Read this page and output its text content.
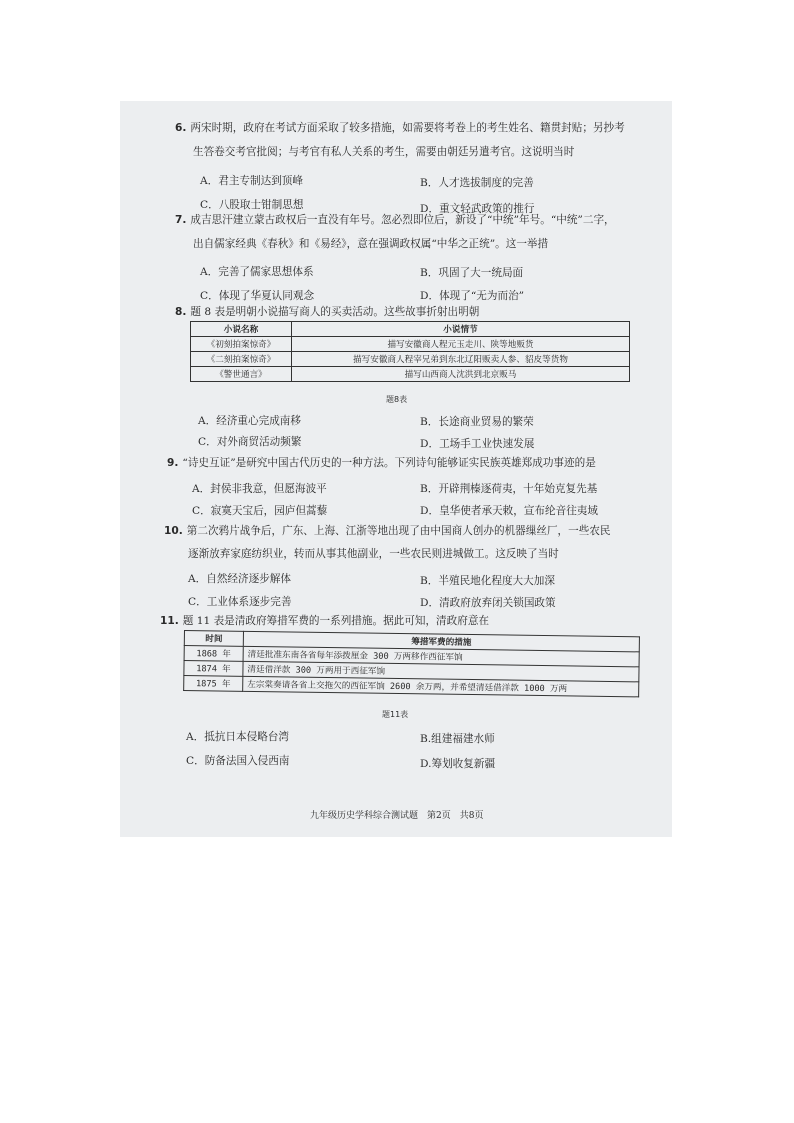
6. 两宋时期，政府在考试方面采取了较多措施，如需要将考卷上的考生姓名、籍贯封贴；另抄考
生答卷交考官批阅；与考官有私人关系的考生，需要由朝廷另遣考官。这说明当时
A．君主专制达到顶峰	B．人才选拔制度的完善
C．八股取士钳制思想	D．重文轻武政策的推行
7. 成吉思汗建立蒙古政权后一直没有年号。忽必烈即位后，新设了“中统”年号。“中统”二字，
出自儒家经典《春秋》和《易经》，意在强调政权属“中华之正统”。这一举措
A．完善了儒家思想体系	B．巩固了大一统局面
C．体现了华夏认同观念	D．体现了“无为而治”
8. 题 8 表是明朝小说描写商人的买卖活动。这些故事折射出明朝
小说名称	小说情节
《初刻拍案惊奇》	描写安徽商人程元玉走川、陕等地贩货
《二刻拍案惊奇》	描写安徽商人程宰兄弟到东北辽阳贩卖人参、貂皮等货物
《警世通言》	描写山西商人沈洪到北京贩马
题8表
A．经济重心完成南移	B．长途商业贸易的繁荣
C．对外商贸活动频繁	D．工场手工业快速发展
9. “诗史互证”是研究中国古代历史的一种方法。下列诗句能够证实民族英雄郑成功事迹的是
A．封侯非我意，但愿海波平	B．开辟荆榛逐荷夷，十年始克复先基
C．寂寞天宝后，园庐但蒿藜	D．皇华使者承天敕，宣布纶音往夷域
10. 第二次鸦片战争后，广东、上海、江浙等地出现了由中国商人创办的机器缫丝厂，一些农民
逐渐放弃家庭纺织业，转而从事其他副业，一些农民则进城做工。这反映了当时
A．自然经济逐步解体	B．半殖民地化程度大大加深
C．工业体系逐步完善	D．清政府放弃闭关锁国政策
11. 题 11 表是清政府筹措军费的一系列措施。据此可知，清政府意在
时间	筹措军费的措施
1868 年	清廷批准东南各省每年添拨厘金 300 万两移作西征军饷
1874 年	清廷借洋款 300 万两用于西征军饷
1875 年	左宗棠奏请各省上交拖欠的西征军饷 2600 余万两，并希望清廷借洋款 1000 万两
题11表
A．抵抗日本侵略台湾	B.组建福建水师
C．防备法国入侵西南	D.筹划收复新疆
九年级历史学科综合测试题　第2页　共8页
